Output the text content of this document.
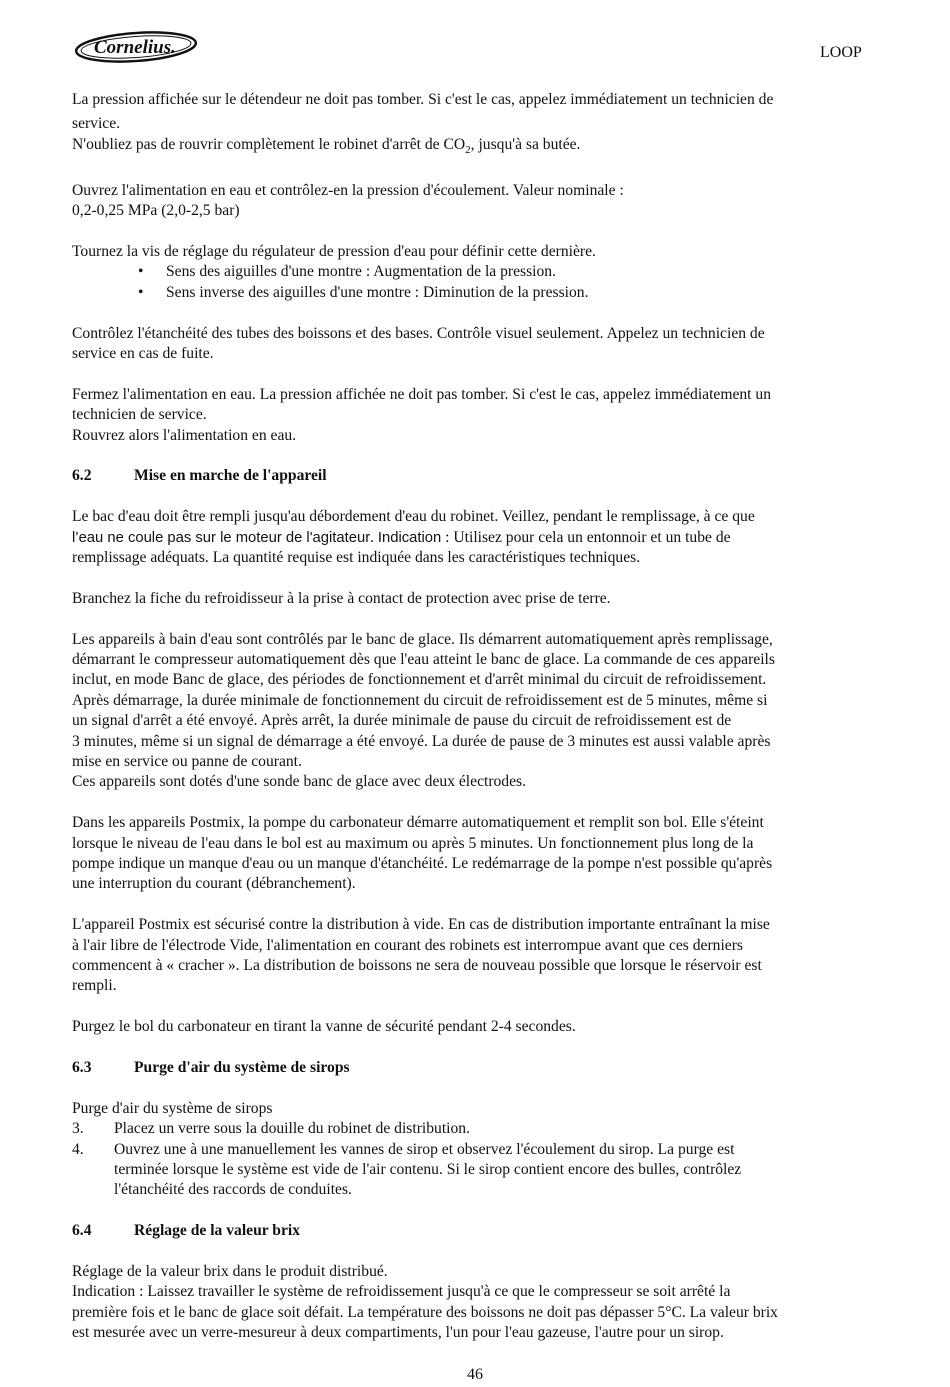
Cornelius.	LOOP

La pression affichée sur le détendeur ne doit pas tomber. Si c'est le cas, appelez immédiatement un technicien de

service.

N'oubliez pas de rouvrir complètement le robinet d'arrêt de $CO_2$, jusqu'à sa butée.

Ouvrez l'alimentation en eau et contrôlez-en la pression d'écoulement. Valeur nominale :

0,2-0,25 MPa (2,0-2,5 bar)

Tournez la vis de réglage du régulateur de pression d'eau pour définir cette dernière.

• Sens des aiguilles d'une montre : Augmentation de la pression.
• Sens inverse des aiguilles d'une montre : Diminution de la pression.

Contrôlez l'étanchéité des tubes des boissons et des bases. Contrôle visuel seulement. Appelez un technicien de

service en cas de fuite.

Fermez l'alimentation en eau. La pression affichée ne doit pas tomber. Si c'est le cas, appelez immédiatement un

technicien de service.

Rouvrez alors l'alimentation en eau.

6.2	Mise en marche de l'appareil

Le bac d'eau doit être rempli jusqu'au débordement d'eau du robinet. Veillez, pendant le remplissage, à ce que

l’eau ne coule pas sur le moteur de l'agitateur. Indication : Utilisez pour cela un entonnoir et un tube de

remplissage adéquats. La quantité requise est indiquée dans les caractéristiques techniques.

Branchez la fiche du refroidisseur à la prise à contact de protection avec prise de terre.

Les appareils à bain d'eau sont contrôlés par le banc de glace. Ils démarrent automatiquement après remplissage,

démarrant le compresseur automatiquement dès que l'eau atteint le banc de glace. La commande de ces appareils

inclut, en mode Banc de glace, des périodes de fonctionnement et d'arrêt minimal du circuit de refroidissement.

Après démarrage, la durée minimale de fonctionnement du circuit de refroidissement est de 5 minutes, même si

un signal d'arrêt a été envoyé. Après arrêt, la durée minimale de pause du circuit de refroidissement est de

3 minutes, même si un signal de démarrage a été envoyé. La durée de pause de 3 minutes est aussi valable après

mise en service ou panne de courant.

Ces appareils sont dotés d'une sonde banc de glace avec deux électrodes.

Dans les appareils Postmix, la pompe du carbonateur démarre automatiquement et remplit son bol. Elle s'éteint

lorsque le niveau de l'eau dans le bol est au maximum ou après 5 minutes. Un fonctionnement plus long de la

pompe indique un manque d'eau ou un manque d'étanchéité. Le redémarrage de la pompe n'est possible qu'après

une interruption du courant (débranchement).

L'appareil Postmix est sécurisé contre la distribution à vide. En cas de distribution importante entraînant la mise

à l'air libre de l'électrode Vide, l'alimentation en courant des robinets est interrompue avant que ces derniers

commencent à « cracher ». La distribution de boissons ne sera de nouveau possible que lorsque le réservoir est

rempli.

Purgez le bol du carbonateur en tirant la vanne de sécurité pendant 2-4 secondes.

6.3	Purge d'air du système de sirops

Purge d'air du système de sirops

3.	Placez un verre sous la douille du robinet de distribution.
4.	Ouvrez une à une manuellement les vannes de sirop et observez l'écoulement du sirop. La purge est
terminée lorsque le système est vide de l'air contenu. Si le sirop contient encore des bulles, contrôlez
l'étanchéité des raccords de conduites.
6.4	Réglage de la valeur brix

Réglage de la valeur brix dans le produit distribué.

Indication : Laissez travailler le système de refroidissement jusqu'à ce que le compresseur se soit arrêté la

première fois et le banc de glace soit défait. La température des boissons ne doit pas dépasser 5°C. La valeur brix

est mesurée avec un verre-mesureur à deux compartiments, l'un pour l'eau gazeuse, l'autre pour un sirop.

46
